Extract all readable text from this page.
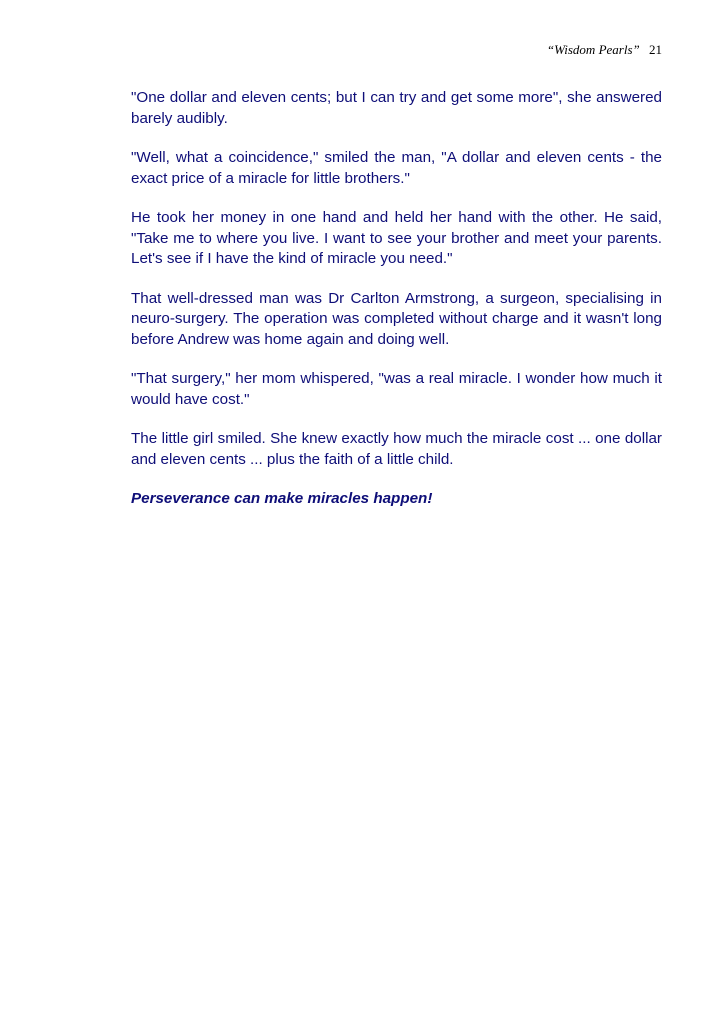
“Wisdom Pearls” 21

"One dollar and eleven cents; but I can try and get some more", she answered barely audibly.

"Well, what a coincidence," smiled the man, "A dollar and eleven cents - the exact price of a miracle for little brothers."

He took her money in one hand and held her hand with the other. He said, "Take me to where you live. I want to see your brother and meet your parents. Let's see if I have the kind of miracle you need."

That well-dressed man was Dr Carlton Armstrong, a surgeon, specialising in neuro-surgery. The operation was completed without charge and it wasn't long before Andrew was home again and doing well.

"That surgery," her mom whispered, "was a real miracle. I wonder how much it would have cost."

The little girl smiled. She knew exactly how much the miracle cost ... one dollar and eleven cents ... plus the faith of a little child.

Perseverance can make miracles happen!
